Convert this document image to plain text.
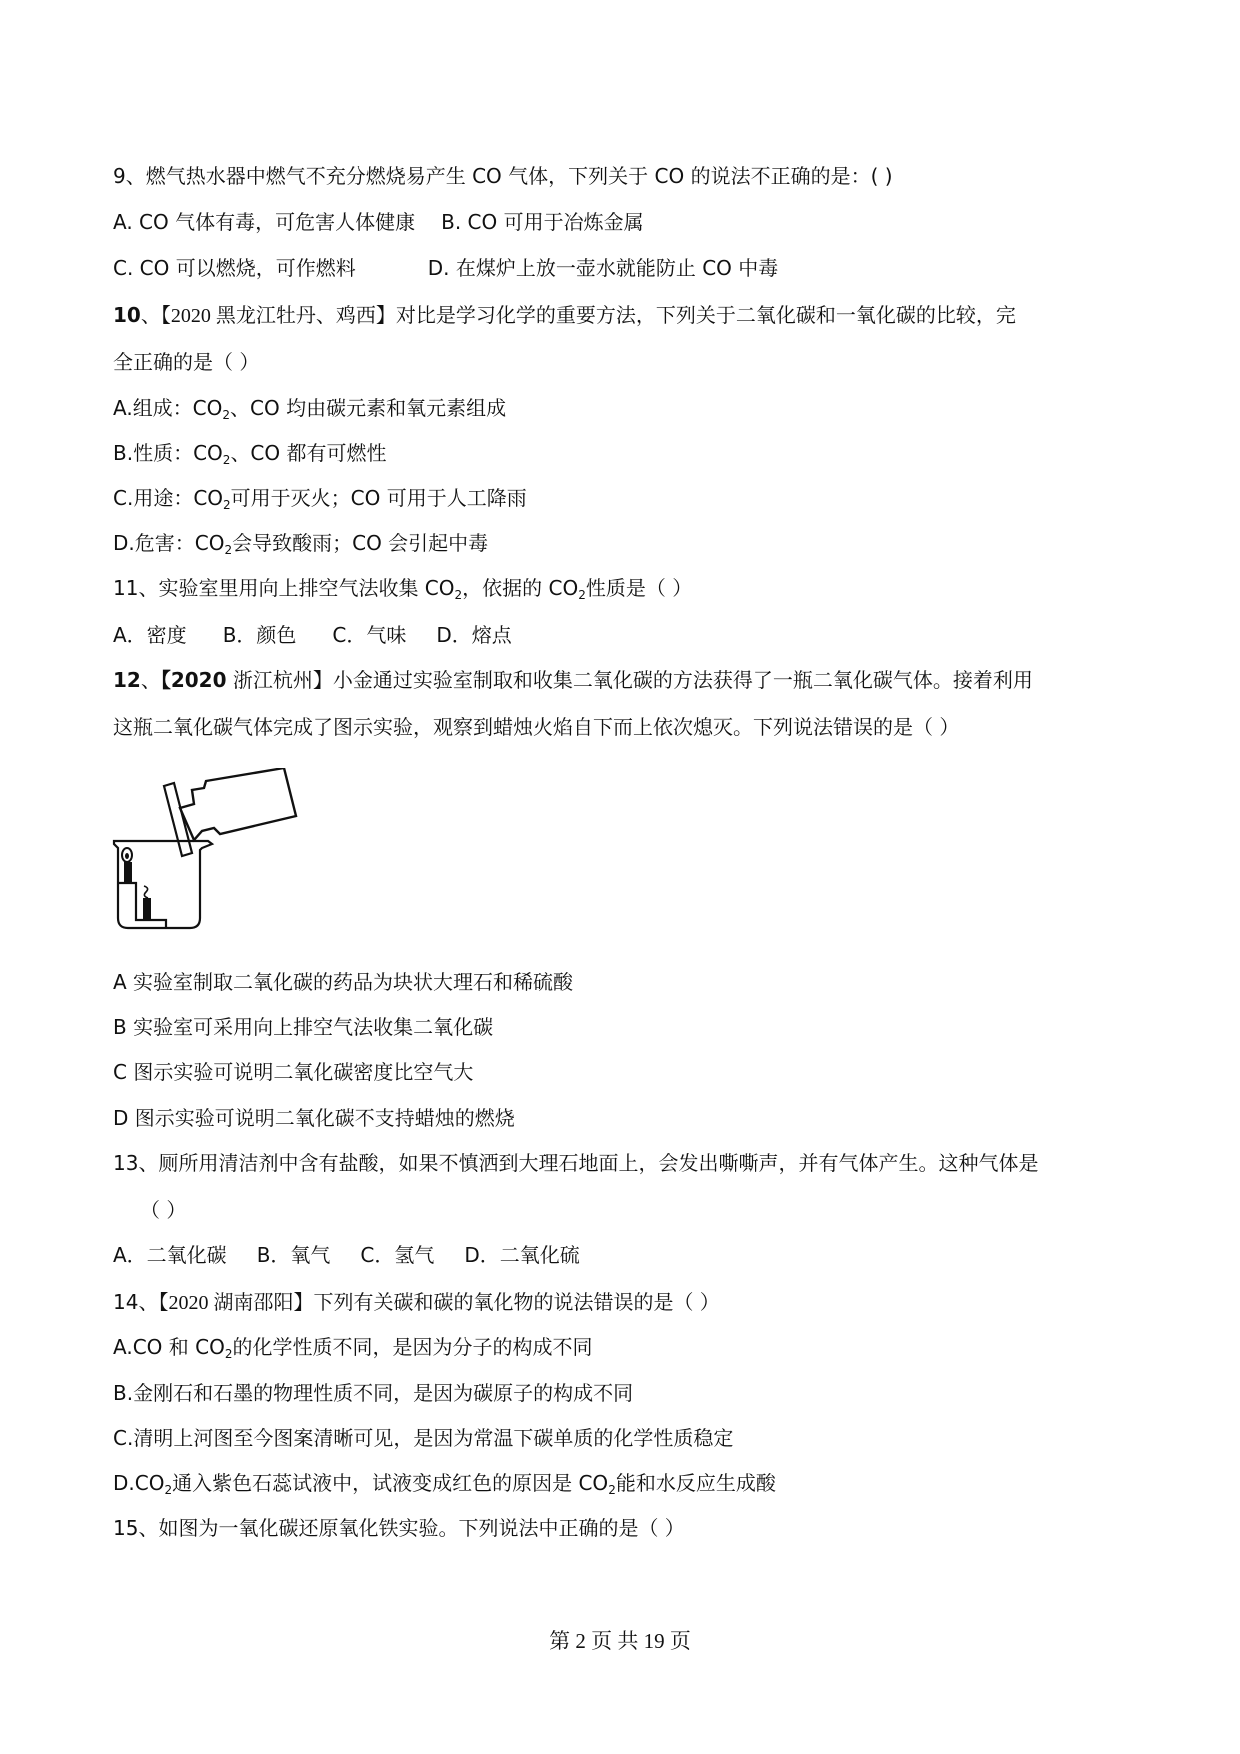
9、燃气热水器中燃气不充分燃烧易产生 CO 气体，下列关于 CO 的说法不正确的是：( )
A. CO 气体有毒，可危害人体健康 B. CO 可用于冶炼金属
C. CO 可以燃烧，可作燃料	D. 在煤炉上放一壶水就能防止 CO 中毒
10、【2020 黑龙江牡丹、鸡西】对比是学习化学的重要方法，下列关于二氧化碳和一氧化碳的比较，完
全正确的是（ ）
A.组成：$CO_2$、CO 均由碳元素和氧元素组成
B.性质：$CO_2$、CO 都有可燃性
C.用途：$CO_2$可用于灭火；CO 可用于人工降雨
D.危害：$CO_2$会导致酸雨；CO 会引起中毒
11、实验室里用向上排空气法收集 $CO_2$，依据的 $CO_2$性质是（ ）
A．密度 B．颜色 C．气味 D．熔点
12、【2020 浙江杭州】小金通过实验室制取和收集二氧化碳的方法获得了一瓶二氧化碳气体。接着利用
这瓶二氧化碳气体完成了图示实验，观察到蜡烛火焰自下而上依次熄灭。下列说法错误的是（ ）
A 实验室制取二氧化碳的药品为块状大理石和稀硫酸
B 实验室可采用向上排空气法收集二氧化碳
C 图示实验可说明二氧化碳密度比空气大
D 图示实验可说明二氧化碳不支持蜡烛的燃烧
13、厕所用清洁剂中含有盐酸，如果不慎洒到大理石地面上，会发出嘶嘶声，并有气体产生。这种气体是
（ ）
A．二氧化碳 B．氧气 C．氢气 D．二氧化硫
14、【2020 湖南邵阳】下列有关碳和碳的氧化物的说法错误的是（ ）
A.CO 和 $CO_2$的化学性质不同，是因为分子的构成不同
B.金刚石和石墨的物理性质不同，是因为碳原子的构成不同
C.清明上河图至今图案清晰可见，是因为常温下碳单质的化学性质稳定
$D.CO_2$通入紫色石蕊试液中，试液变成红色的原因是 $CO_2$能和水反应生成酸
15、如图为一氧化碳还原氧化铁实验。下列说法中正确的是（ ）
第 2 页 共 19 页
